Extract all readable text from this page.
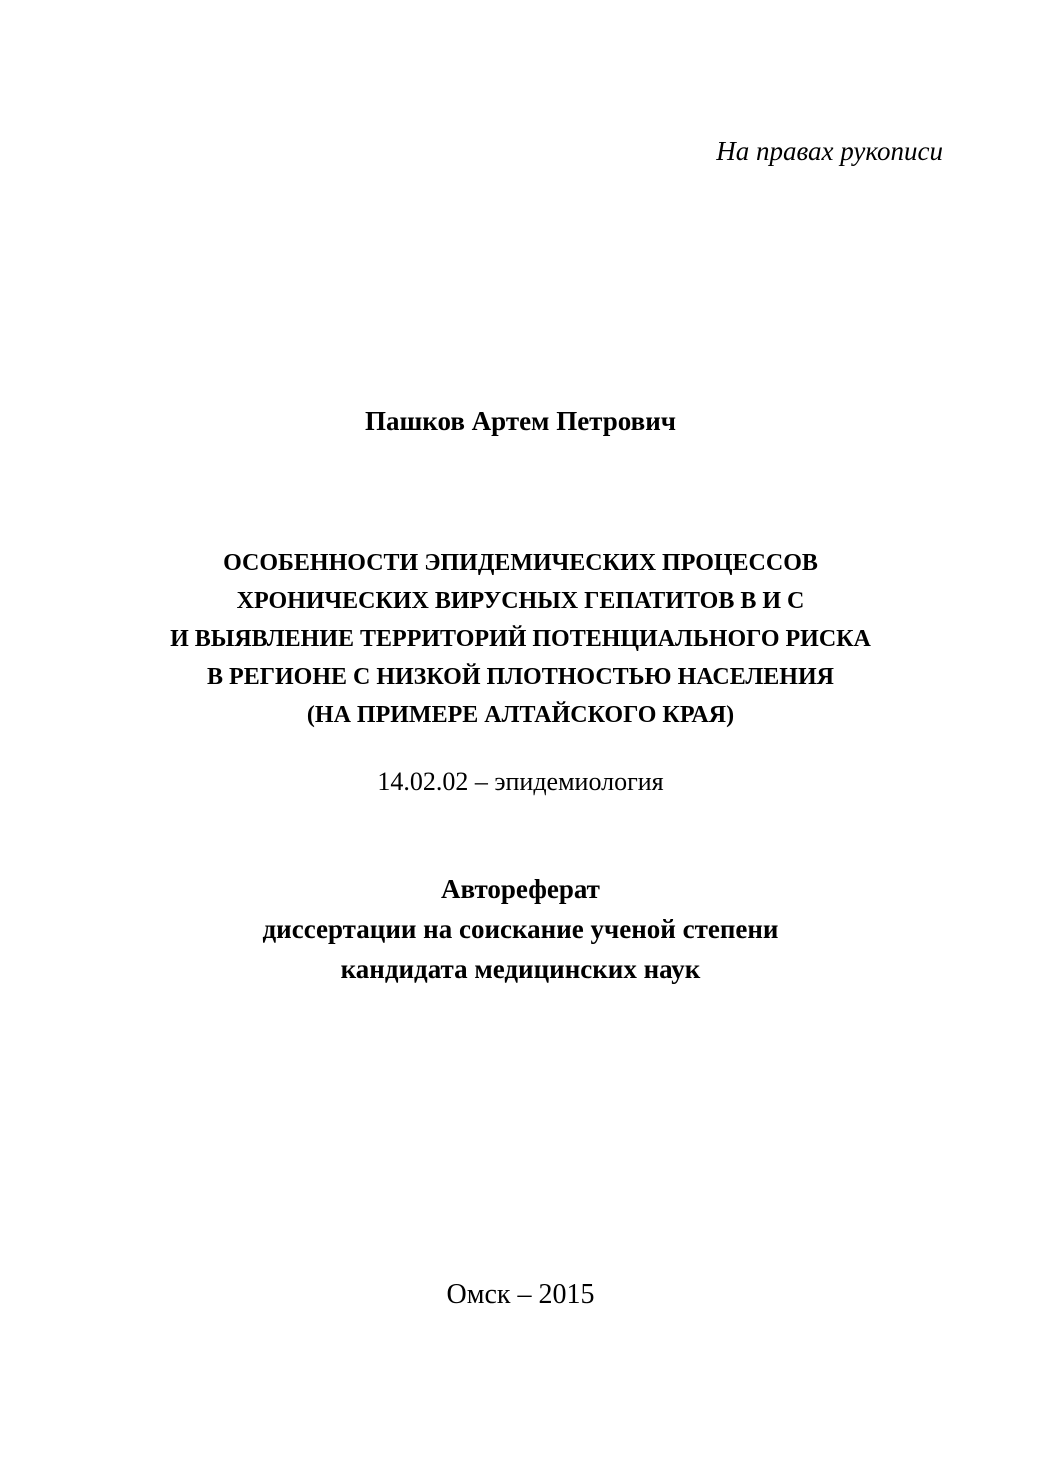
На правах рукописи
Пашков Артем Петрович
ОСОБЕННОСТИ ЭПИДЕМИЧЕСКИХ ПРОЦЕССОВ
ХРОНИЧЕСКИХ ВИРУСНЫХ ГЕПАТИТОВ В И С
И ВЫЯВЛЕНИЕ ТЕРРИТОРИЙ ПОТЕНЦИАЛЬНОГО РИСКА
В РЕГИОНЕ С НИЗКОЙ ПЛОТНОСТЬЮ НАСЕЛЕНИЯ
(НА ПРИМЕРЕ АЛТАЙСКОГО КРАЯ)
14.02.02 – эпидемиология
Автореферат
диссертации на соискание ученой степени
кандидата медицинских наук
Омск – 2015
